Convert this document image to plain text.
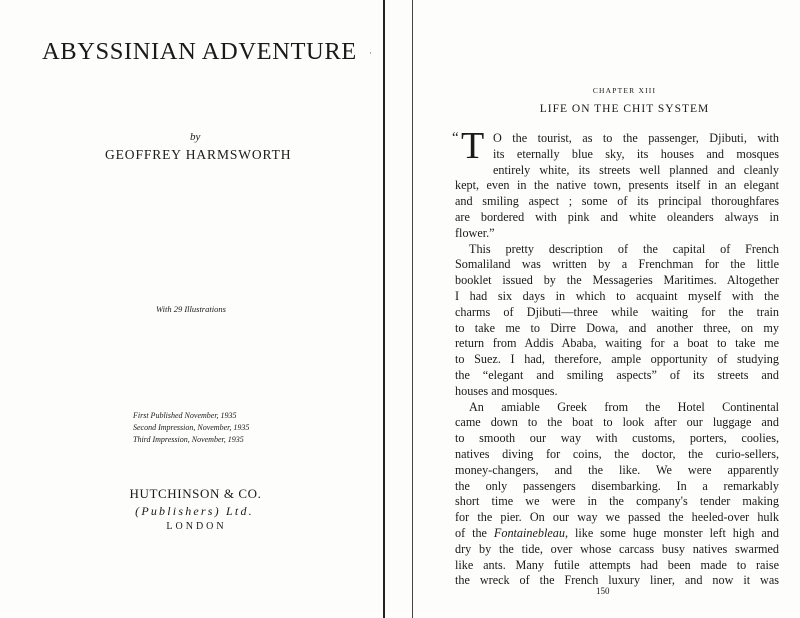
ABYSSINIAN ADVENTURE ·
by
GEOFFREY HARMSWORTH
With 29 Illustrations
First Published November, 1935
Second Impression, November, 1935
Third Impression, November, 1935
HUTCHINSON & CO.
(Publishers) Ltd.
LONDON
CHAPTER XIII
LIFE ON THE CHIT SYSTEM
“ T O the tourist, as to the passenger, Djibuti, with
its eternally blue sky, its houses and mosques
entirely white, its streets well planned and cleanly
kept, even in the native town, presents itself in an elegant
and smiling aspect ; some of its principal thoroughfares
are bordered with pink and white oleanders always in
flower.”
This pretty description of the capital of French
Somaliland was written by a Frenchman for the little
booklet issued by the Messageries Maritimes. Altogether
I had six days in which to acquaint myself with the
charms of Djibuti—three while waiting for the train
to take me to Dirre Dowa, and another three, on my
return from Addis Ababa, waiting for a boat to take me
to Suez. I had, therefore, ample opportunity of studying
the “elegant and smiling aspects” of its streets and
houses and mosques.
An amiable Greek from the Hotel Continental
came down to the boat to look after our luggage and
to smooth our way with customs, porters, coolies,
natives diving for coins, the doctor, the curio-sellers,
money-changers, and the like. We were apparently
the only passengers disembarking. In a remarkably
short time we were in the company's tender making
for the pier. On our way we passed the heeled-over hulk
of the Fontainebleau, like some huge monster left high and
dry by the tide, over whose carcass busy natives swarmed
like ants. Many futile attempts had been made to raise
the wreck of the French luxury liner, and now it was
150
